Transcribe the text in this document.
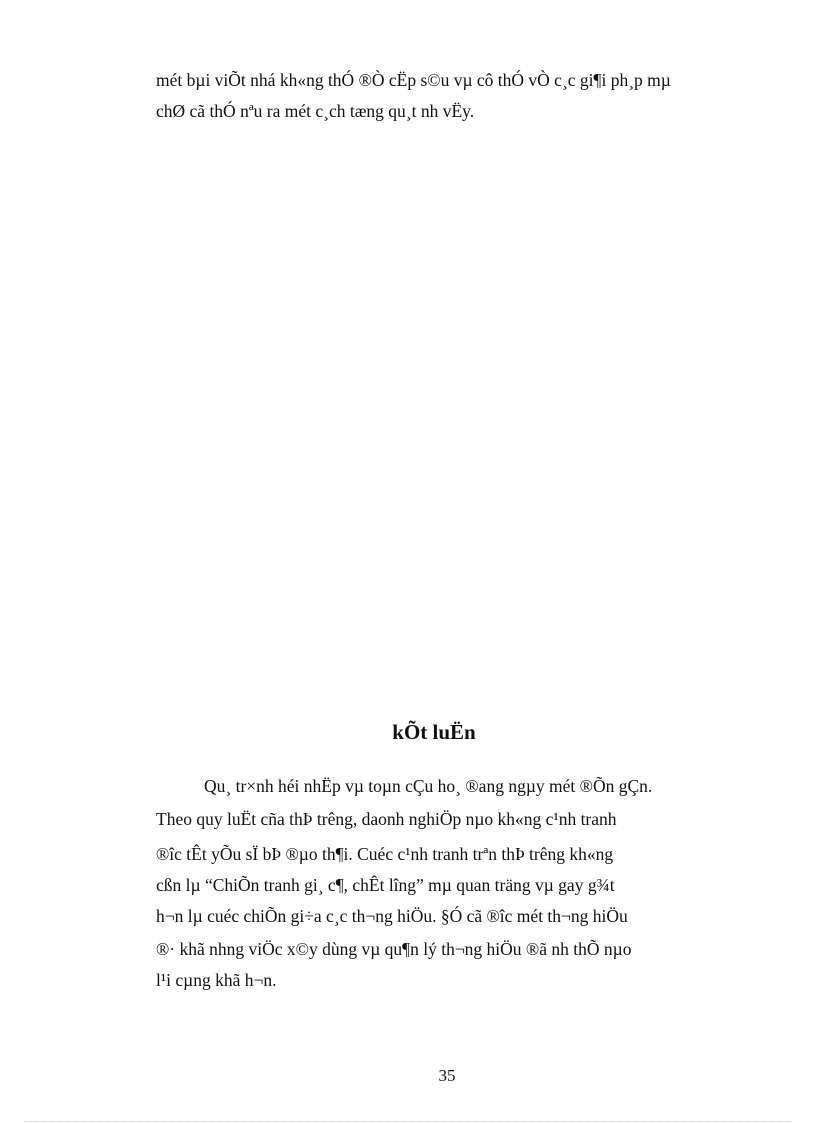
mét bµi viÕt nhá kh«ng thÓ ®Ò cËp s©u vµ cô thÓ vÒ c¸c gi¶i ph¸p mµ
chØ cã thÓ nªu ra mét c¸ch tæng qu¸t nh vËy.
kÕt luËn
Qu¸ tr×nh héi nhËp vµ toµn cÇu ho¸ ®ang ngµy mét ®Õn gÇn.
Theo quy luËt cña thÞ trêng, daonh nghiÖp nµo kh«ng c¹nh tranh
®îc tÊt yÕu sÏ bÞ ®µo th¶i. Cuéc c¹nh tranh trªn thÞ trêng kh«ng
cßn lµ “ChiÕn tranh gi¸ c¶, chÊt lîng” mµ quan träng vµ gay g¾t
h¬n lµ cuéc chiÕn gi÷a c¸c th¬ng hiÖu. §Ó cã ®îc mét th¬ng hiÖu
®· khã nhng viÖc x©y dùng vµ qu¶n lý th¬ng hiÖu ®ã nh thÕ nµo
l¹i cµng khã h¬n.
35
